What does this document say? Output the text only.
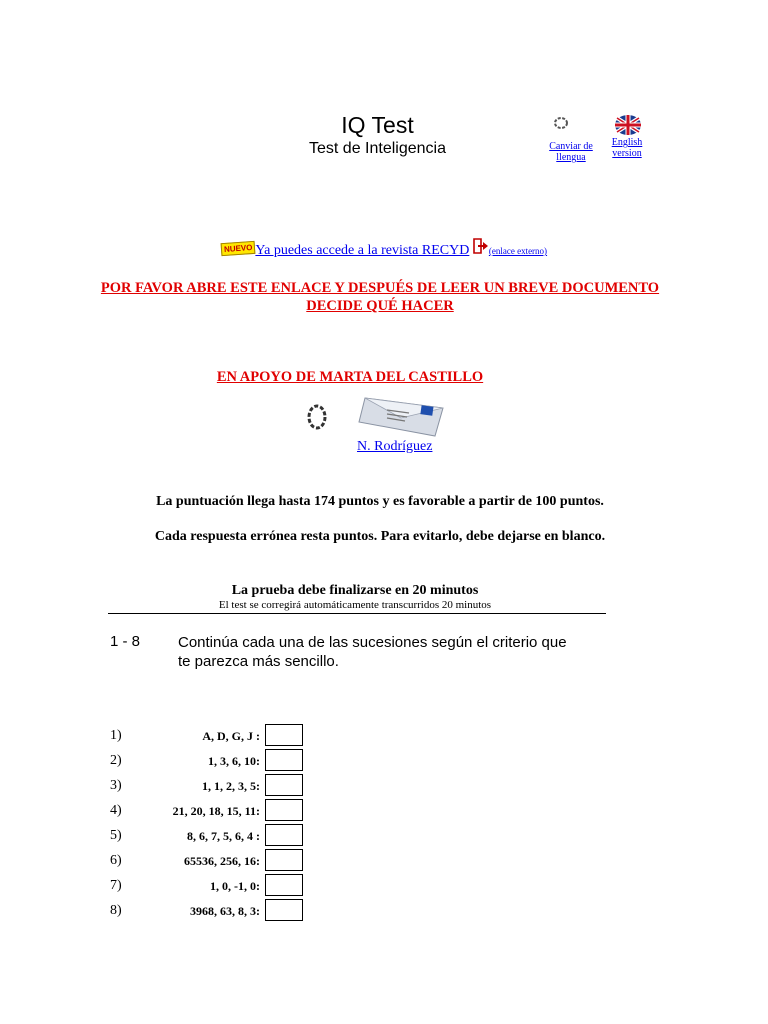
IQ Test
Test de Inteligencia	Canviar de llengua
English version
NUEVO Ya puedes accede a la revista RECYD (enlace externo)
POR FAVOR ABRE ESTE ENLACE Y DESPUÉS DE LEER UN BREVE DOCUMENTO DECIDE QUÉ HACER
EN APOYO DE MARTA DEL CASTILLO
N. Rodríguez
La puntuación llega hasta 174 puntos y es favorable a partir de 100 puntos.
Cada respuesta errónea resta puntos. Para evitarlo, debe dejarse en blanco.
La prueba debe finalizarse en 20 minutos
El test se corregirá automáticamente transcurridos 20 minutos
1 - 8	Continúa cada una de las sucesiones según el criterio que te parezca más sencillo.
1)	A, D, G, J :
2)	1, 3, 6, 10:
3)	1, 1, 2, 3, 5:
4)	21, 20, 18, 15, 11:
5)	8, 6, 7, 5, 6, 4 :
6)	65536, 256, 16:
7)	1, 0, -1, 0:
8)	3968, 63, 8, 3:
